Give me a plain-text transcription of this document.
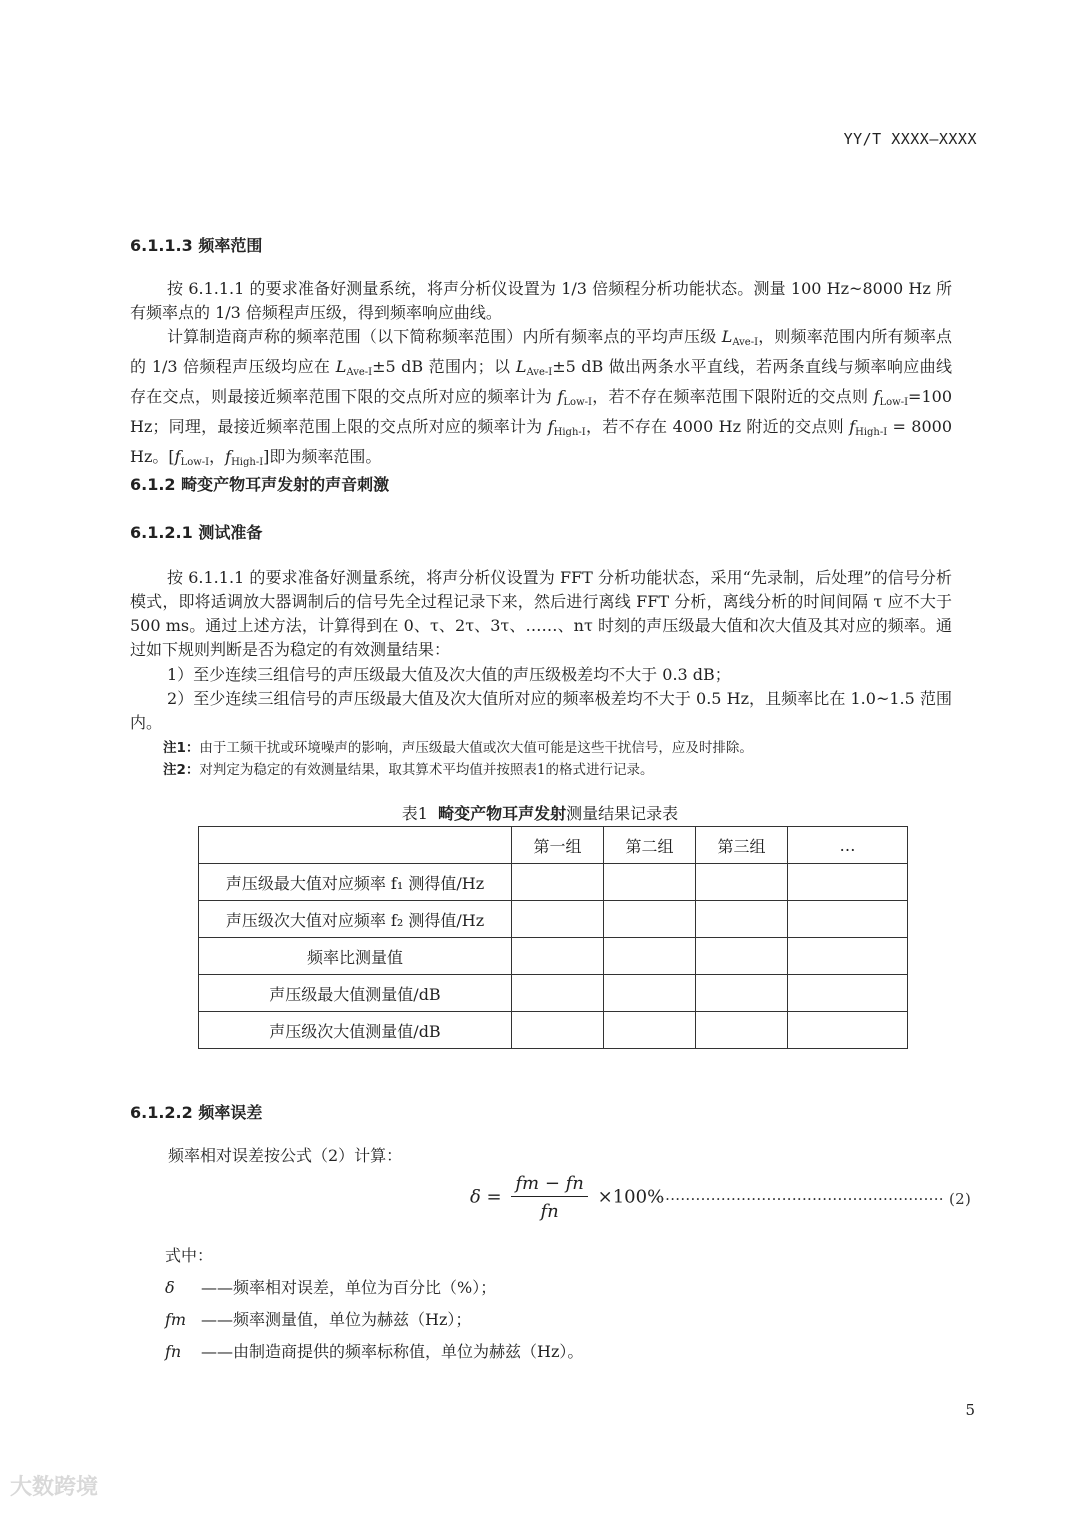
YY/T XXXX—XXXX
6.1.1.3 频率范围
按 6.1.1.1 的要求准备好测量系统，将声分析仪设置为 1/3 倍频程分析功能状态。测量 100 Hz~8000 Hz 所有频率点的 1/3 倍频程声压级，得到频率响应曲线。
计算制造商声称的频率范围（以下简称频率范围）内所有频率点的平均声压级 $L_{Ave-I}$，则频率范围内所有频率点的 1/3 倍频程声压级均应在 $L_{Ave-I}\pm 5$ dB 范围内；以 $L_{Ave-I}\pm 5$ dB 做出两条水平直线，若两条直线与频率响应曲线存在交点，则最接近频率范围下限的交点所对应的频率计为 $f_{Low-I}$，若不存在频率范围下限附近的交点则 $f_{Low-I}=100$ Hz；同理，最接近频率范围上限的交点所对应的频率计为 $f_{High-I}$，若不存在 4000 Hz 附近的交点则 $f_{High-I} = 8000$ Hz。[$f_{Low-I}$，$f_{High-I}$]即为频率范围。
6.1.2 畸变产物耳声发射的声音刺激
6.1.2.1 测试准备
按 6.1.1.1 的要求准备好测量系统，将声分析仪设置为 FFT 分析功能状态，采用“先录制，后处理”的信号分析模式，即将适调放大器调制后的信号先全过程记录下来，然后进行离线 FFT 分析，离线分析的时间间隔 τ 应不大于 500 ms。通过上述方法，计算得到在 0、τ、2τ、3τ、……、nτ 时刻的声压级最大值和次大值及其对应的频率。通过如下规则判断是否为稳定的有效测量结果：
1）至少连续三组信号的声压级最大值及次大值的声压级极差均不大于 0.3 dB；
2）至少连续三组信号的声压级最大值及次大值所对应的频率极差均不大于 0.5 Hz，且频率比在 1.0~1.5 范围内。
注1：由于工频干扰或环境噪声的影响，声压级最大值或次大值可能是这些干扰信号，应及时排除。
注2：对判定为稳定的有效测量结果，取其算术平均值并按照表1的格式进行记录。
表1 畸变产物耳声发射测量结果记录表
	第一组	第二组	第三组	…
声压级最大值对应频率 f₁ 测得值/Hz				
声压级次大值对应频率 f₂ 测得值/Hz				
频率比测量值				
声压级最大值测量值/dB				
声压级次大值测量值/dB				
6.1.2.2 频率误差
频率相对误差按公式（2）计算：
$\delta = \frac{fm - fn}{fn} \times 100\%$
························································· (2)
式中：
δ ——频率相对误差，单位为百分比（%）；
fm ——频率测量值，单位为赫兹（Hz）；
fn ——由制造商提供的频率标称值，单位为赫兹（Hz）。
5
大数跨境
